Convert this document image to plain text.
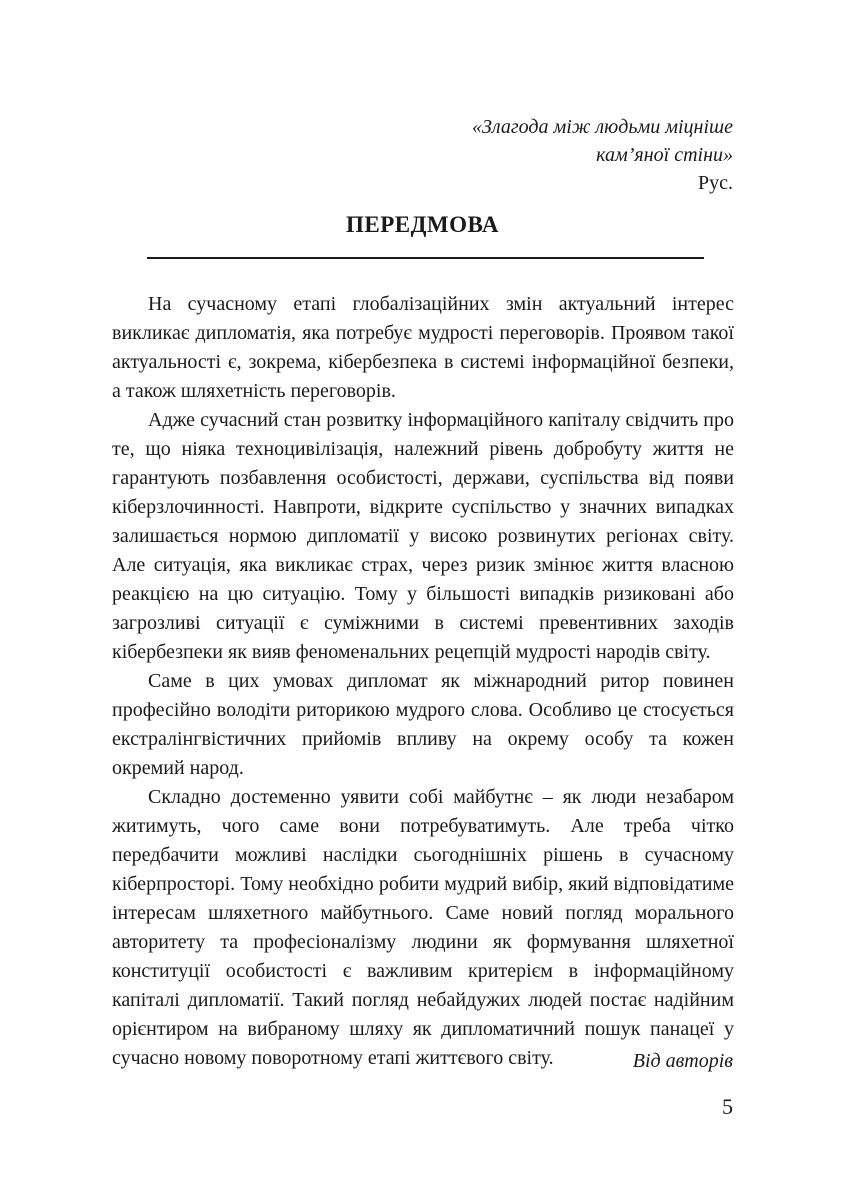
«Злагода між людьми міцніше
кам’яної стіни»
Рус.
ПЕРЕДМОВА

На сучасному етапі глобалізаційних змін актуальний інтерес викликає дипломатія, яка потребує мудрості переговорів. Проявом такої актуальності є, зокрема, кібербезпека в системі інформаційної безпеки, а також шляхетність переговорів.

Адже сучасний стан розвитку інформаційного капіталу свідчить про те, що ніяка техноцивілізація, належний рівень добробуту життя не гарантують позбавлення особистості, держави, суспільства від появи кіберзлочинності. Навпроти, відкрите суспільство у значних випадках залишається нормою дипломатії у високо розвинутих регіонах світу. Але ситуація, яка викликає страх, через ризик змінює життя власною реакцією на цю ситуацію. Тому у більшості випадків ризиковані або загрозливі ситуації є суміжними в системі превентивних заходів кібербезпеки як вияв феноменальних рецепцій мудрості народів світу.

Саме в цих умовах дипломат як міжнародний ритор повинен професійно володіти риторикою мудрого слова. Особливо це стосується екстралінгвістичних прийомів впливу на окрему особу та кожен окремий народ.

Складно достеменно уявити собі майбутнє – як люди незабаром житимуть, чого саме вони потребуватимуть. Але треба чітко передбачити можливі наслідки сьогоднішніх рішень в сучасному кіберпросторі. Тому необхідно робити мудрий вибір, який відповідатиме інтересам шляхетного майбутнього. Саме новий погляд морального авторитету та професіоналізму людини як формування шляхетної конституції особистості є важливим критерієм в інформаційному капіталі дипломатії. Такий погляд небайдужих людей постає надійним орієнтиром на вибраному шляху як дипломатичний пошук панацеї у сучасно новому поворотному етапі життєвого світу.	Від авторів
5
